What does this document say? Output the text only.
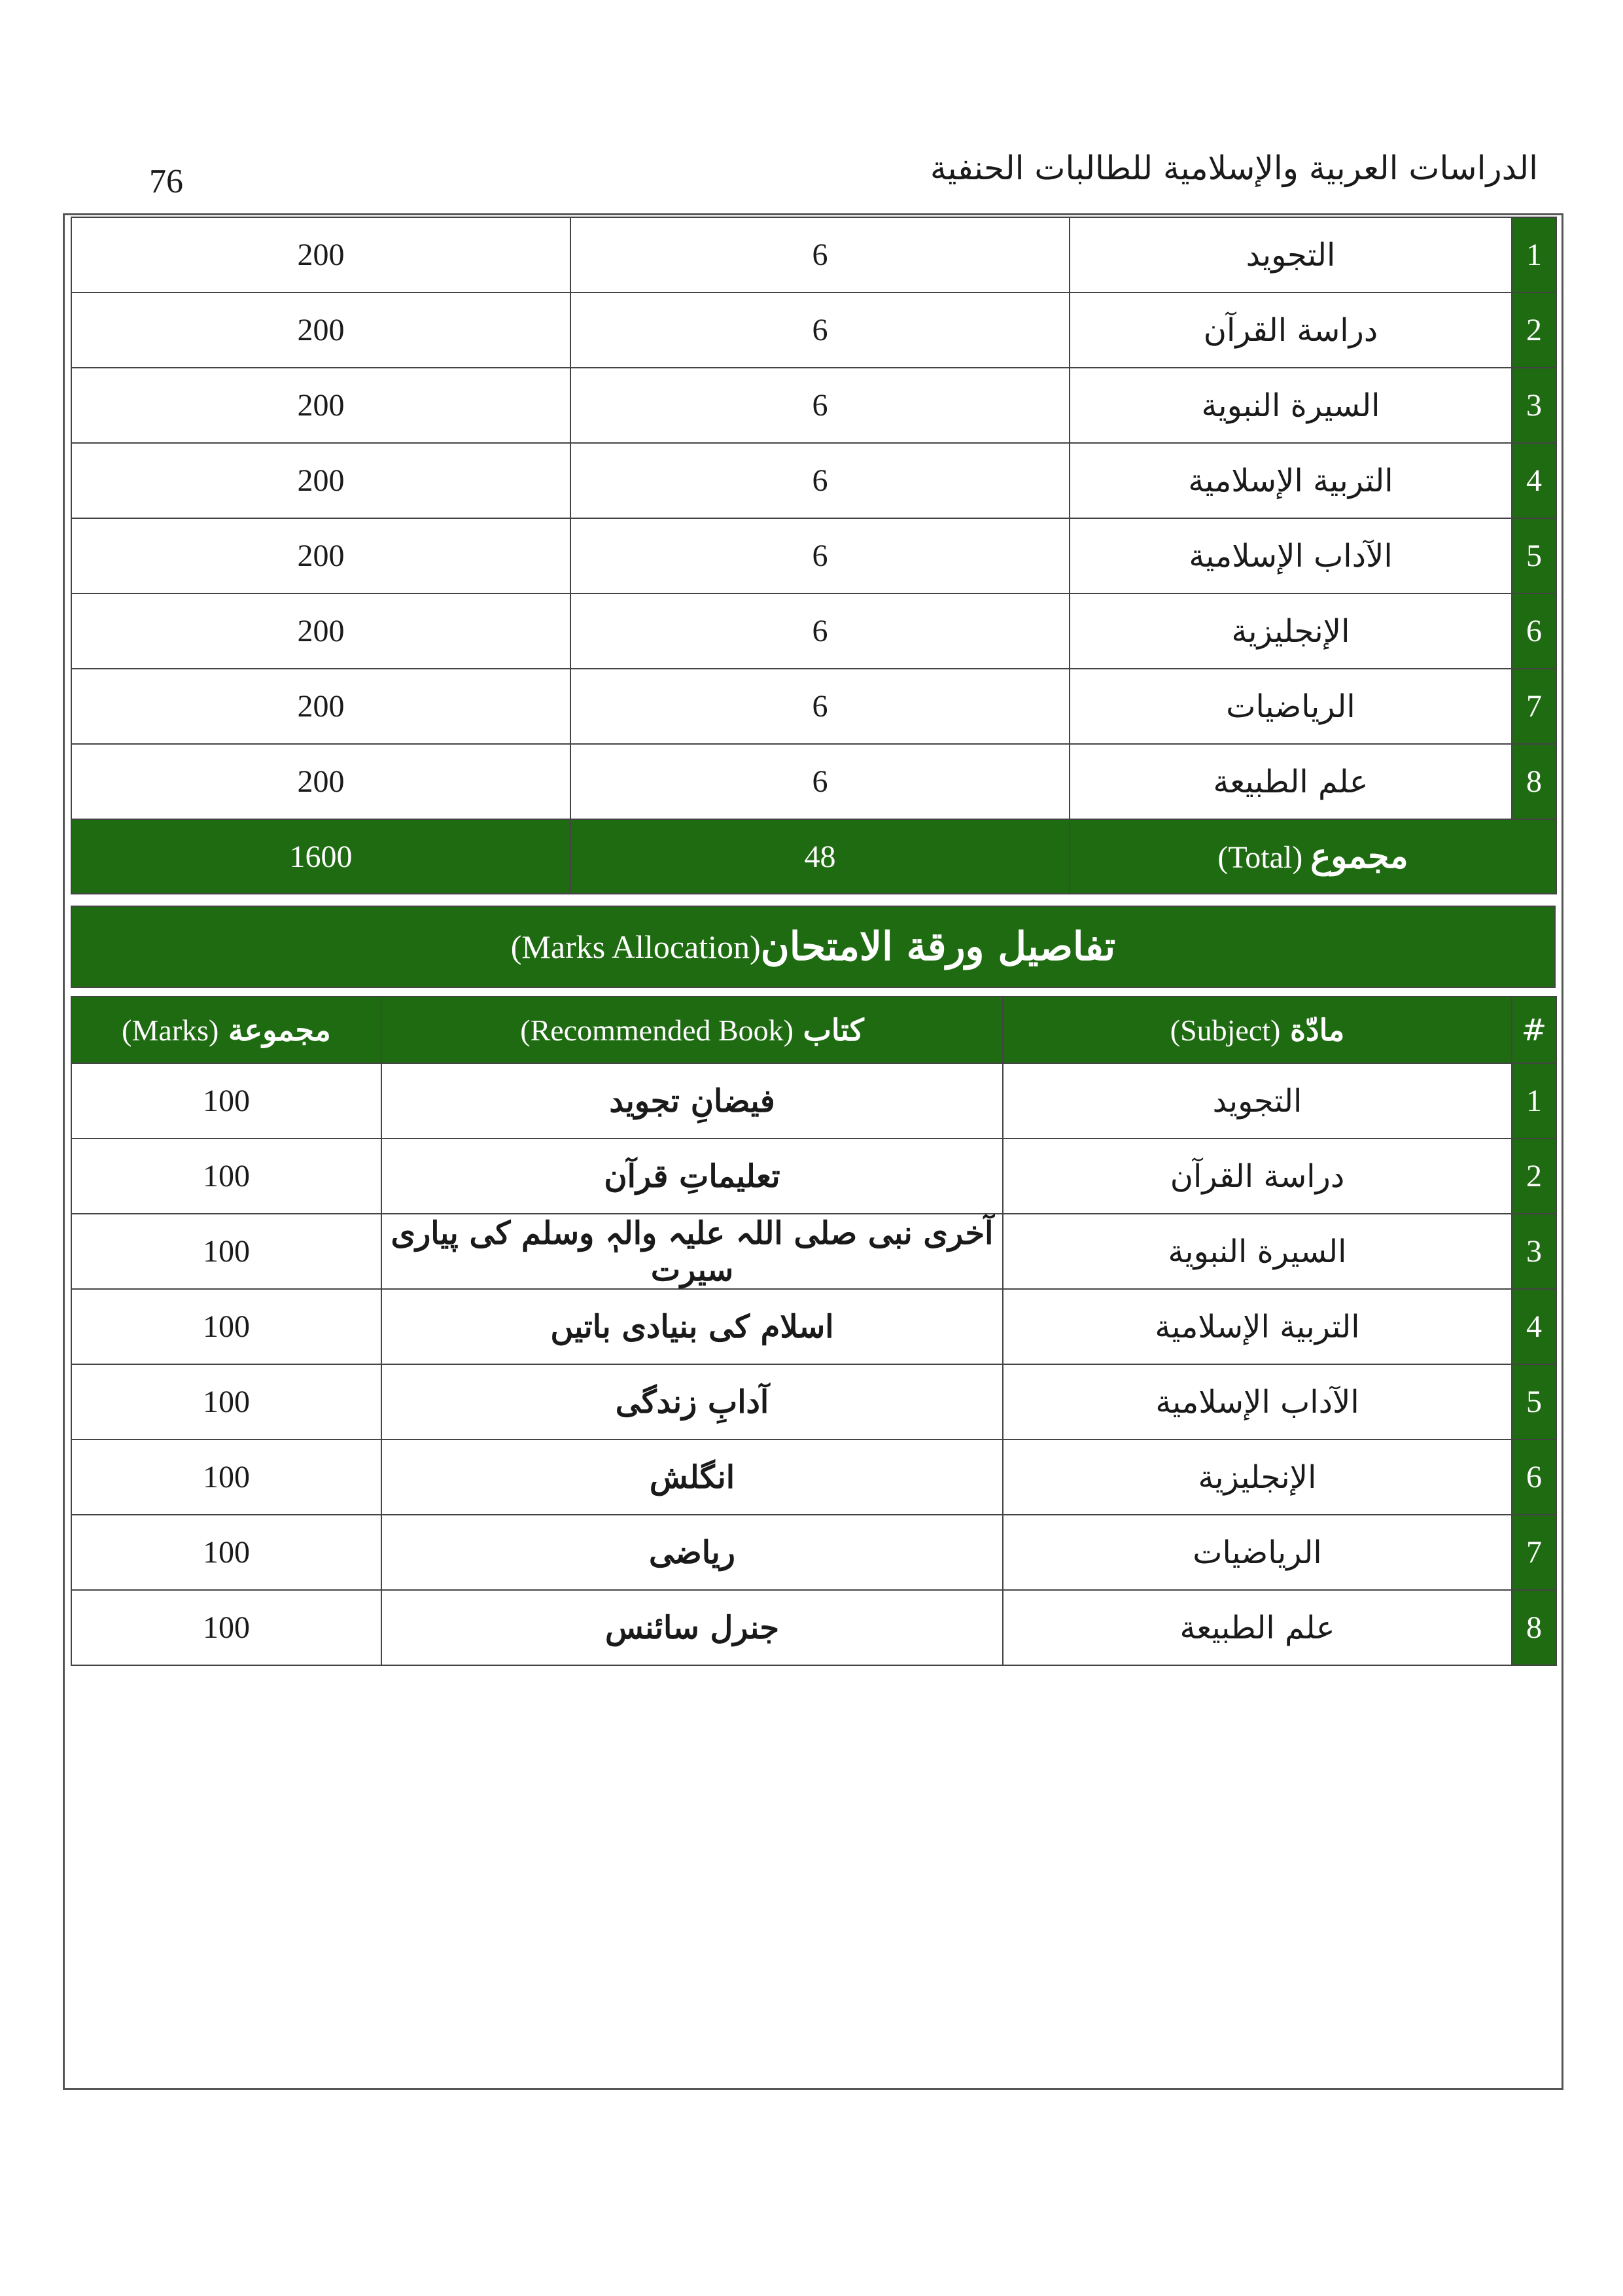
76	الدراسات العربية والإسلامية للطالبات الحنفية
1	التجويد	6	200
2	دراسة القرآن	6	200
3	السيرة النبوية	6	200
4	التربية الإسلامية	6	200
5	الآداب الإسلامية	6	200
6	الإنجليزية	6	200
7	الرياضيات	6	200
8	علم الطبيعة	6	200
مجموع (Total)		48	1600
تفاصيل ورقة الامتحان
(Marks Allocation)
#	مادّة (Subject)	كتاب (Recommended Book)	مجموعة (Marks)
1	التجويد	فیضانِ تجوید	100
2	دراسة القرآن	تعلیماتِ قرآن	100
3	السيرة النبوية	آخری نبی صلی اللہ علیہ والہٖ وسلم کی پیاری سیرت	100
4	التربية الإسلامية	اسلام کی بنیادی باتیں	100
5	الآداب الإسلامية	آدابِ زندگی	100
6	الإنجليزية	انگلش	100
7	الرياضيات	ریاضی	100
8	علم الطبيعة	جنرل سائنس	100
